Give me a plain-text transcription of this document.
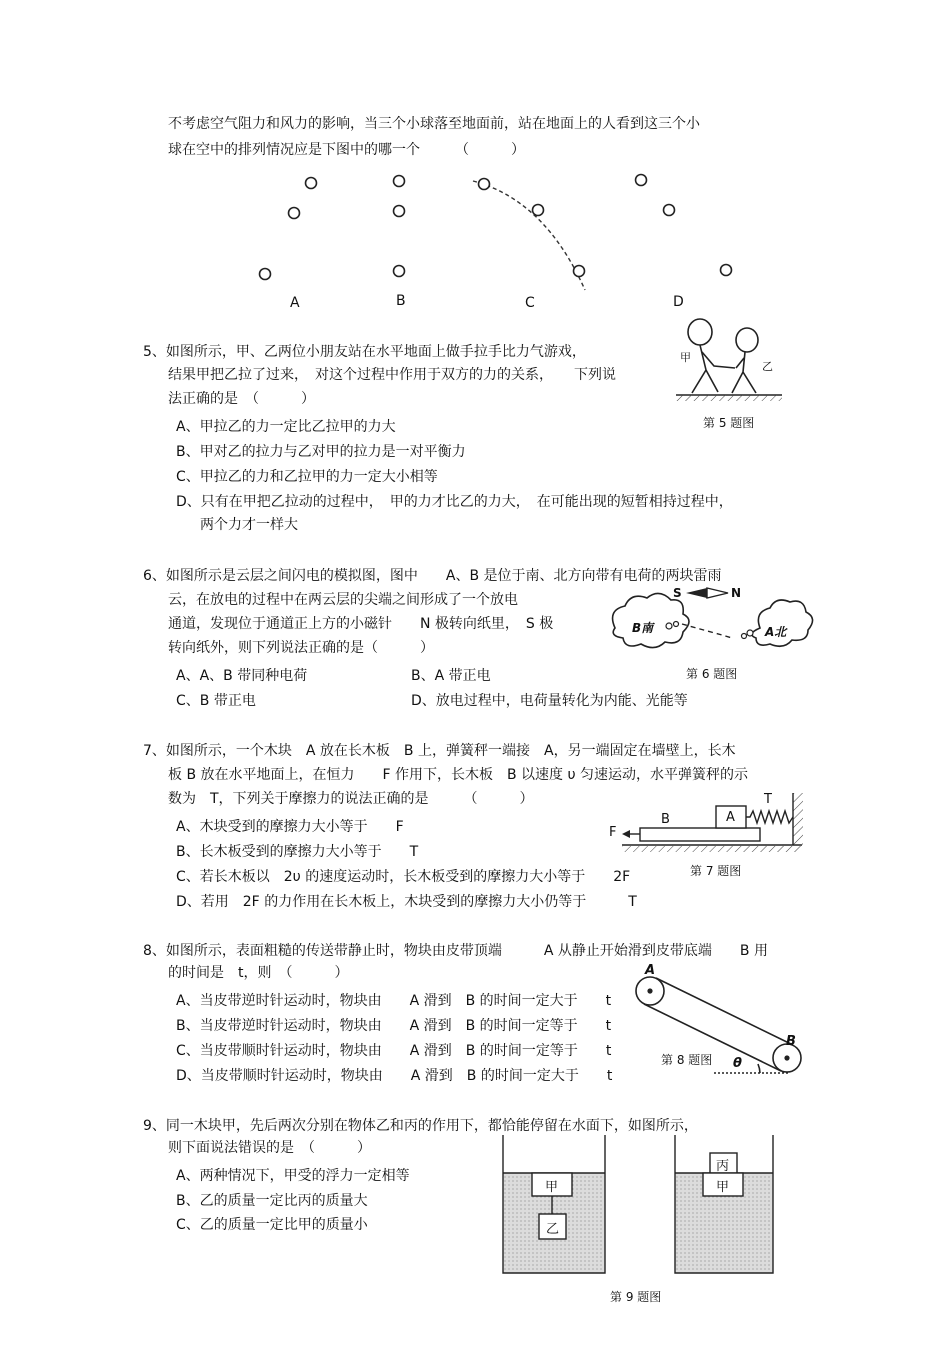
不考虑空气阻力和风力的影响，当三个小球落至地面前，站在地面上的人看到这三个小
球在空中的排列情况应是下图中的哪一个　　　（　　　）
A	B	C	D
5、如图所示，甲、乙两位小朋友站在水平地面上做手拉手比力气游戏，
结果甲把乙拉了过来，　对这个过程中作用于双方的力的关系，　　下列说
法正确的是　（　　　）
A、甲拉乙的力一定比乙拉甲的力大
B、甲对乙的拉力与乙对甲的拉力是一对平衡力
C、甲拉乙的力和乙拉甲的力一定大小相等
D、只有在甲把乙拉动的过程中，　甲的力才比乙的力大，　在可能出现的短暂相持过程中，
两个力才一样大
甲
乙
第 5 题图
6、如图所示是云层之间闪电的模拟图，图中　　A、B 是位于南、北方向带有电荷的两块雷雨
云，在放电的过程中在两云层的尖端之间形成了一个放电
通道，发现位于通道正上方的小磁针　　N 极转向纸里，　S 极
转向纸外，则下列说法正确的是（　　　）
A、A、B 带同种电荷	B、A 带正电
C、B 带正电	D、放电过程中，电荷量转化为内能、光能等
S	N
B南	A北
第 6 题图
7、如图所示，一个木块　A 放在长木板　B 上，弹簧秤一端接　A，另一端固定在墙壁上，长木
板 B 放在水平地面上，在恒力　　F 作用下，长木板　B 以速度 υ 匀速运动，水平弹簧秤的示
数为　T，下列关于摩擦力的说法正确的是　　　（　　　）
A、木块受到的摩擦力大小等于　　F
B、长木板受到的摩擦力大小等于　　T
C、若长木板以　2υ 的速度运动时，长木板受到的摩擦力大小等于　　2F
D、若用　2F 的力作用在长木板上，木块受到的摩擦力大小仍等于　　　T
T
F
B	A
第 7 题图
8、如图所示，表面粗糙的传送带静止时，物块由皮带顶端　　　A 从静止开始滑到皮带底端　　B 用
的时间是　t，则　（　　　）
A、当皮带逆时针运动时，物块由　　A 滑到　B 的时间一定大于　　t
B、当皮带逆时针运动时，物块由　　A 滑到　B 的时间一定等于　　t
C、当皮带顺时针运动时，物块由　　A 滑到　B 的时间一定等于　　t
D、当皮带顺时针运动时，物块由　　A 滑到　B 的时间一定大于　　t
A
B
θ
第 8 题图
9、同一木块甲，先后两次分别在物体乙和丙的作用下，都恰能停留在水面下，如图所示，
则下面说法错误的是　（　　　）
A、两种情况下，甲受的浮力一定相等
B、乙的质量一定比丙的质量大
C、乙的质量一定比甲的质量小
甲
乙
丙
甲
第 9 题图
